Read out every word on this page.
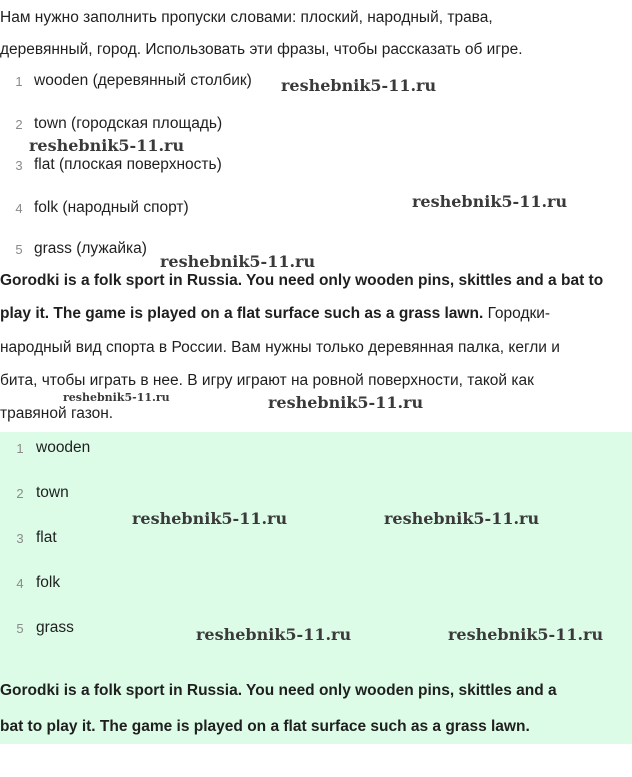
Нам нужно заполнить пропуски словами: плоский, народный, трава,
деревянный, город. Использовать эти фразы, чтобы рассказать об игре.
1 wooden (деревянный столбик)
2 town (городская площадь)
3 flat (плоская поверхность)
4 folk (народный спорт)
5 grass (лужайка)
Gorodki is a folk sport in Russia. You need only wooden pins, skittles and a bat to
play it. The game is played on a flat surface such as a grass lawn. Городки-
народный вид спорта в России. Вам нужны только деревянная палка, кегли и
бита, чтобы играть в нее. В игру играют на ровной поверхности, такой как
травяной газон.
1 wooden
2 town
3 flat
4 folk
5 grass
Gorodki is a folk sport in Russia. You need only wooden pins, skittles and a
bat to play it. The game is played on a flat surface such as a grass lawn.
reshebnik5-11.ru
reshebnik5-11.ru
reshebnik5-11.ru
reshebnik5-11.ru
reshebnik5-11.ru	reshebnik5-11.ru
reshebnik5-11.ru	reshebnik5-11.ru
reshebnik5-11.ru	reshebnik5-11.ru
